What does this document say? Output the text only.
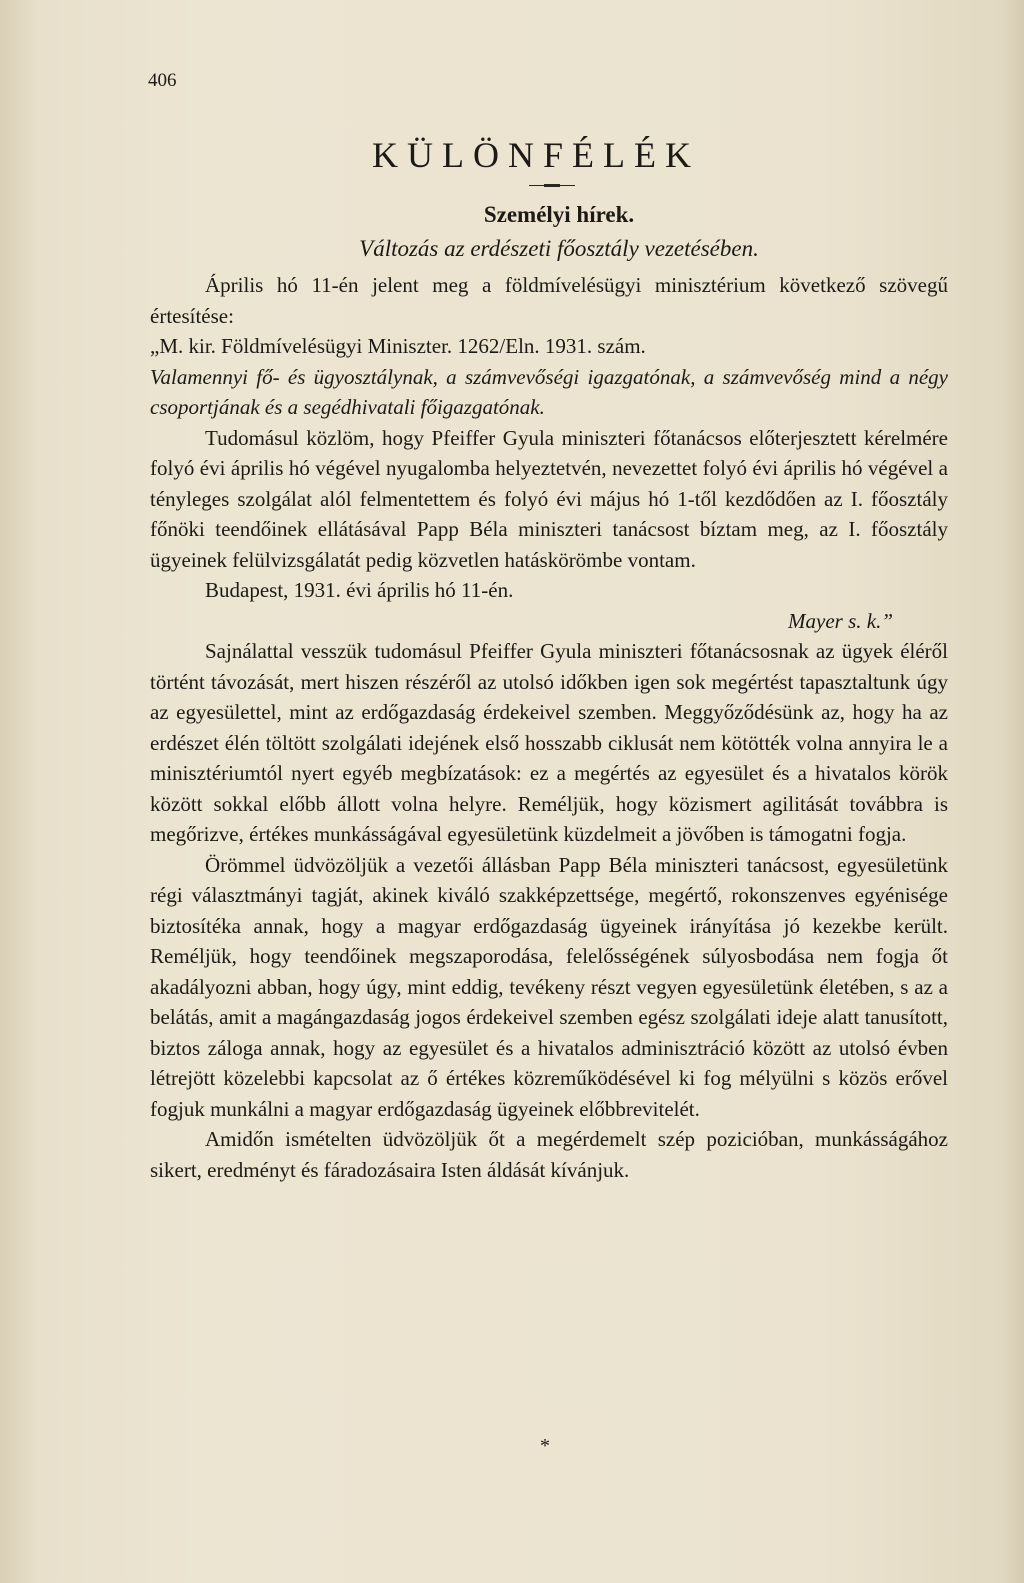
406
KÜLÖNFÉLÉK
Személyi hírek.
Változás az erdészeti főosztály vezetésében.

Április hó 11-én jelent meg a földmívelésügyi minisztérium következő szövegű értesítése:

„M. kir. Földmívelésügyi Miniszter. 1262/Eln. 1931. szám.

Valamennyi fő- és ügyosztálynak, a számvevőségi igazgatónak, a számvevőség mind a négy csoportjának és a segédhivatali főigazgatónak.

Tudomásul közlöm, hogy Pfeiffer Gyula miniszteri főtanácsos előterjesztett kérelmére folyó évi április hó végével nyugalomba helyeztetvén, nevezettet folyó évi április hó végével a tényleges szolgálat alól felmentettem és folyó évi május hó 1-től kezdődően az I. főosztály főnöki teendőinek ellátásával Papp Béla miniszteri tanácsost bíztam meg, az I. főosztály ügyeinek felülvizsgálatát pedig közvetlen hatáskörömbe vontam.

Budapest, 1931. évi április hó 11-én.

Mayer s. k.”

Sajnálattal vesszük tudomásul Pfeiffer Gyula miniszteri főtanácsosnak az ügyek éléről történt távozását, mert hiszen részéről az utolsó időkben igen sok megértést tapasztaltunk úgy az egyesülettel, mint az erdőgazdaság érdekeivel szemben. Meggyőződésünk az, hogy ha az erdészet élén töltött szolgálati idejének első hosszabb ciklusát nem kötötték volna annyira le a minisztériumtól nyert egyéb megbízatások: ez a megértés az egyesület és a hivatalos körök között sokkal előbb állott volna helyre. Reméljük, hogy közismert agilitását továbbra is megőrizve, értékes munkásságával egyesületünk küzdelmeit a jövőben is támogatni fogja.

Örömmel üdvözöljük a vezetői állásban Papp Béla miniszteri tanácsost, egyesületünk régi választmányi tagját, akinek kiváló szakképzettsége, megértő, rokonszenves egyénisége biztosítéka annak, hogy a magyar erdőgazdaság ügyeinek irányítása jó kezekbe került. Reméljük, hogy teendőinek megszaporodása, felelősségének súlyosbodása nem fogja őt akadályozni abban, hogy úgy, mint eddig, tevékeny részt vegyen egyesületünk életében, s az a belátás, amit a magángazdaság jogos érdekeivel szemben egész szolgálati ideje alatt tanusított, biztos záloga annak, hogy az egyesület és a hivatalos adminisztráció között az utolsó évben létrejött közelebbi kapcsolat az ő értékes közreműködésével ki fog mélyülni s közös erővel fogjuk munkálni a magyar erdőgazdaság ügyeinek előbbrevitelét.

Amidőn ismételten üdvözöljük őt a megérdemelt szép pozicióban, munkásságához sikert, eredményt és fáradozásaira Isten áldását kívánjuk.

*
